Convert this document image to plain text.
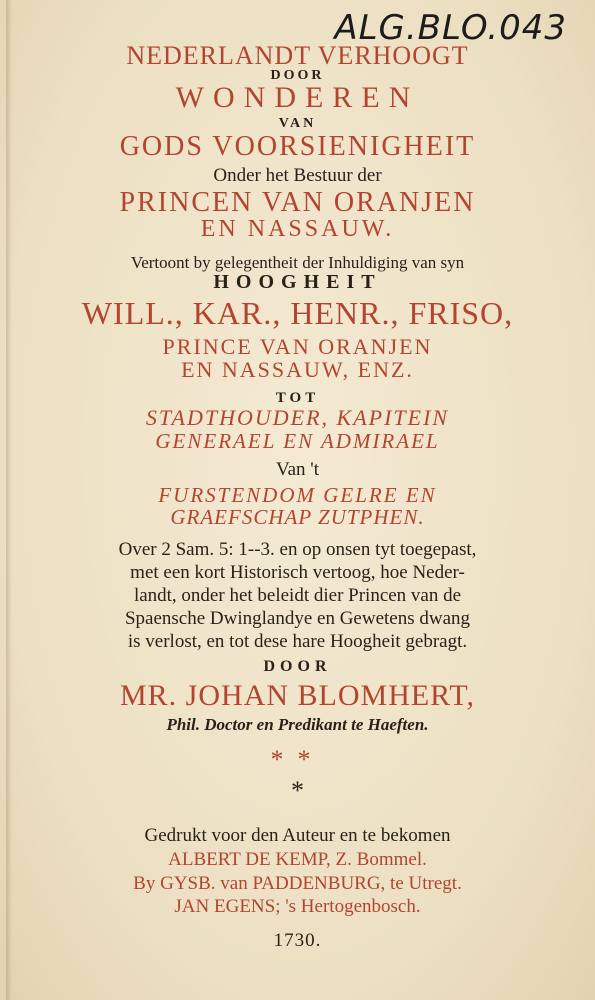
ALG.BLO.043
NEDERLANDT VERHOOGT
DOOR
WONDEREN
VAN
GODS VOORSIENIGHEIT
Onder het Bestuur der
PRINCEN VAN ORANJEN
EN NASSAUW.
Vertoont by gelegentheit der Inhuldiging van syn
HOOGHEIT
WILL., KAR., HENR., FRISO,
PRINCE VAN ORANJEN
EN NASSAUW, ENZ.
TOT
STADTHOUDER, KAPITEIN
GENERAEL EN ADMIRAEL
Van 't
FURSTENDOM GELRE EN
GRAEFSCHAP ZUTPHEN.
Over 2 Sam. 5: 1--3. en op onsen tyt toegepast,
met een kort Historisch vertoog, hoe Neder-
landt, onder het beleidt dier Princen van de
Spaensche Dwinglandye en Gewetens dwang
is verlost, en tot dese hare Hoogheit gebragt.
DOOR
MR. JOHAN BLOMHERT,
Phil. Doctor en Predikant te Haeften.
**
*
Gedrukt voor den Auteur en te bekomen
ALBERT DE KEMP, Z. Bommel.
By GYSB. van PADDENBURG, te Utregt.
JAN EGENS; 's Hertogenbosch.
1730.
